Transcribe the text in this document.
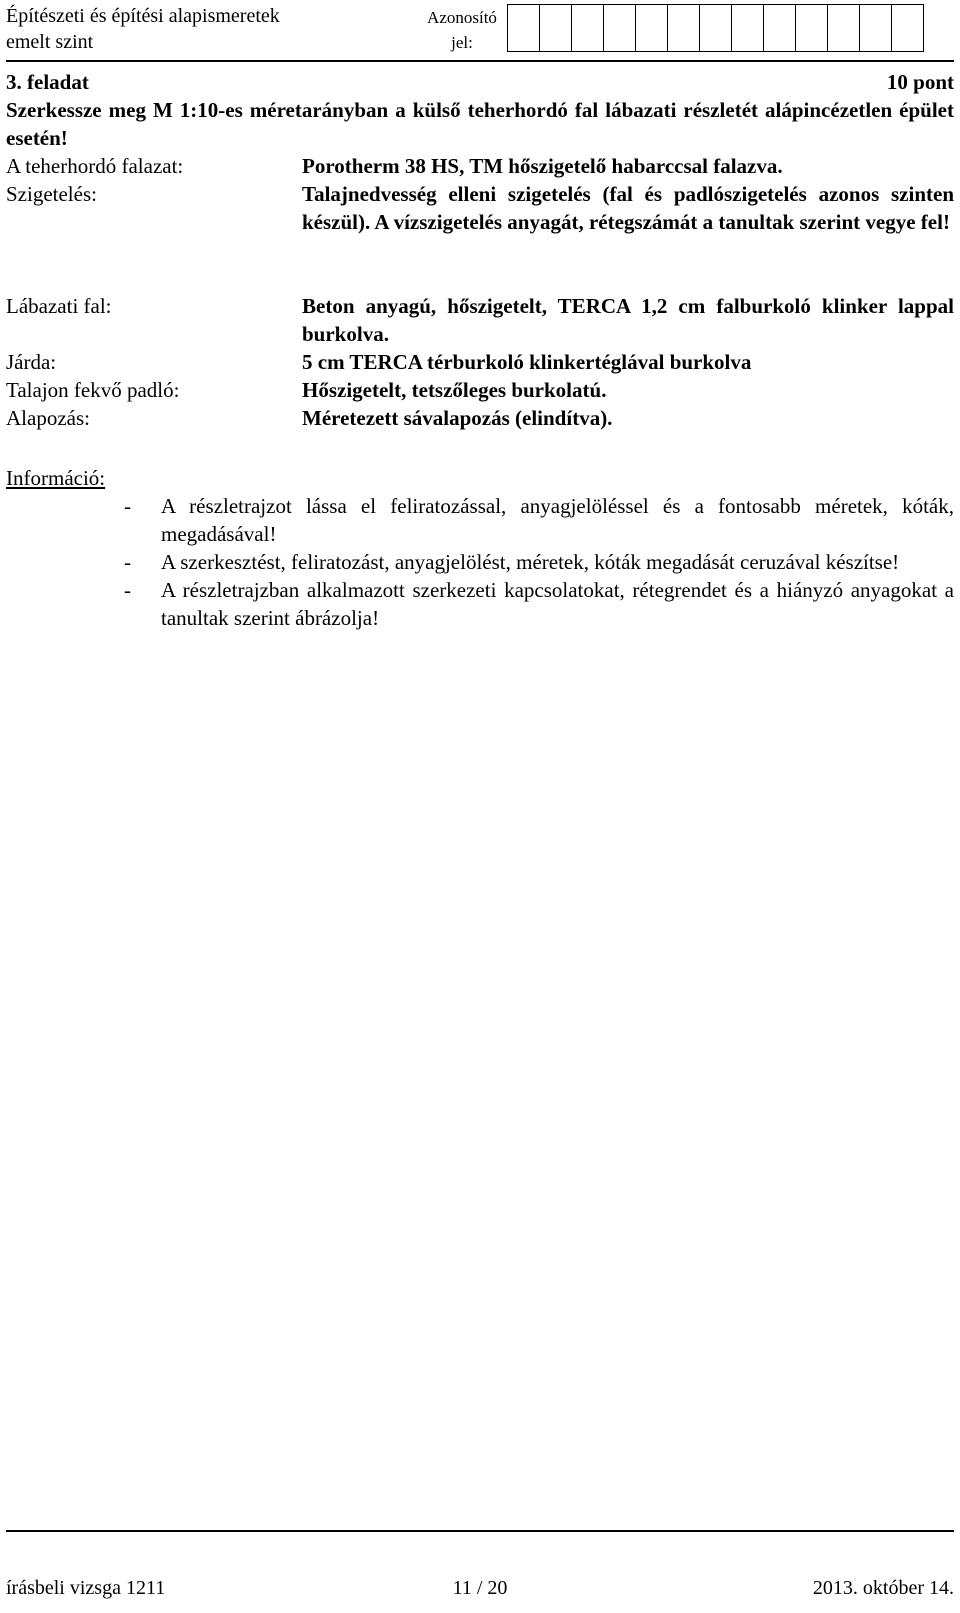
Építészeti és építési alapismeretek
emelt szint
Azonosító
jel:
3. feladat	10 pont
Szerkessze meg M 1:10-es méretarányban a külső teherhordó fal lábazati részletét alápincézetlen épület esetén!
A teherhordó falazat:	Porotherm 38 HS, TM hőszigetelő habarccsal falazva.
Szigetelés:	Talajnedvesség elleni szigetelés (fal és padlószigetelés azonos szinten készül). A vízszigetelés anyagát, rétegszámát a tanultak szerint vegye fel!
Lábazati fal:	Beton anyagú, hőszigetelt, TERCA 1,2 cm falburkoló klinker lappal burkolva.
Járda:	5 cm TERCA térburkoló klinkertéglával burkolva
Talajon fekvő padló:	Hőszigetelt, tetszőleges burkolatú.
Alapozás:	Méretezett sávalapozás (elindítva).
Információ:
- A részletrajzot lássa el feliratozással, anyagjelöléssel és a fontosabb méretek, kóták, megadásával!
- A szerkesztést, feliratozást, anyagjelölést, méretek, kóták megadását ceruzával készítse!
- A részletrajzban alkalmazott szerkezeti kapcsolatokat, rétegrendet és a hiányzó anyagokat a tanultak szerint ábrázolja!
írásbeli vizsga 1211	11 / 20	2013. október 14.
